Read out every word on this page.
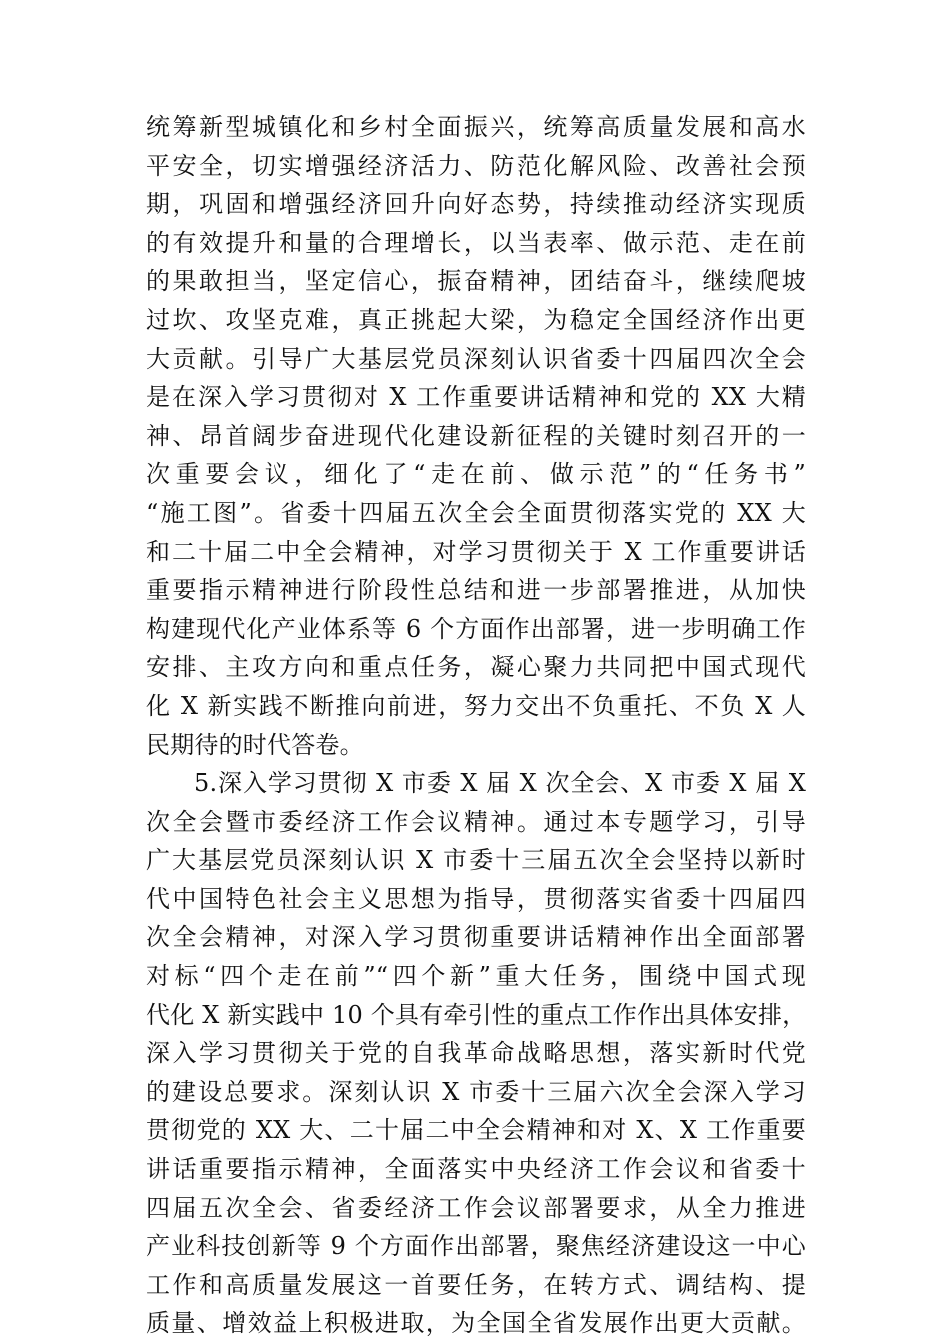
统筹新型城镇化和乡村全面振兴，统筹高质量发展和高水
平安全，切实增强经济活力、防范化解风险、改善社会预
期，巩固和增强经济回升向好态势，持续推动经济实现质
的有效提升和量的合理增长，以当表率、做示范、走在前
的果敢担当，坚定信心，振奋精神，团结奋斗，继续爬坡
过坎、攻坚克难，真正挑起大梁，为稳定全国经济作出更
大贡献。引导广大基层党员深刻认识省委十四届四次全会
是在深入学习贯彻对 X 工作重要讲话精神和党的 XX 大精
神、昂首阔步奋进现代化建设新征程的关键时刻召开的一
次重要会议，细化了“走在前、做示范”的“任务书”
“施工图”。省委十四届五次全会全面贯彻落实党的 XX 大
和二十届二中全会精神，对学习贯彻关于 X 工作重要讲话
重要指示精神进行阶段性总结和进一步部署推进，从加快
构建现代化产业体系等 6 个方面作出部署，进一步明确工作
安排、主攻方向和重点任务，凝心聚力共同把中国式现代
化 X 新实践不断推向前进，努力交出不负重托、不负 X 人
民期待的时代答卷。
5.深入学习贯彻 X 市委 X 届 X 次全会、X 市委 X 届 X
次全会暨市委经济工作会议精神。通过本专题学习，引导
广大基层党员深刻认识 X 市委十三届五次全会坚持以新时
代中国特色社会主义思想为指导，贯彻落实省委十四届四
次全会精神，对深入学习贯彻重要讲话精神作出全面部署
对标“四个走在前”“四个新”重大任务，围绕中国式现
代化 X 新实践中 10 个具有牵引性的重点工作作出具体安排，
深入学习贯彻关于党的自我革命战略思想，落实新时代党
的建设总要求。深刻认识 X 市委十三届六次全会深入学习
贯彻党的 XX 大、二十届二中全会精神和对 X、X 工作重要
讲话重要指示精神，全面落实中央经济工作会议和省委十
四届五次全会、省委经济工作会议部署要求，从全力推进
产业科技创新等 9 个方面作出部署，聚焦经济建设这一中心
工作和高质量发展这一首要任务，在转方式、调结构、提
质量、增效益上积极进取，为全国全省发展作出更大贡献。
